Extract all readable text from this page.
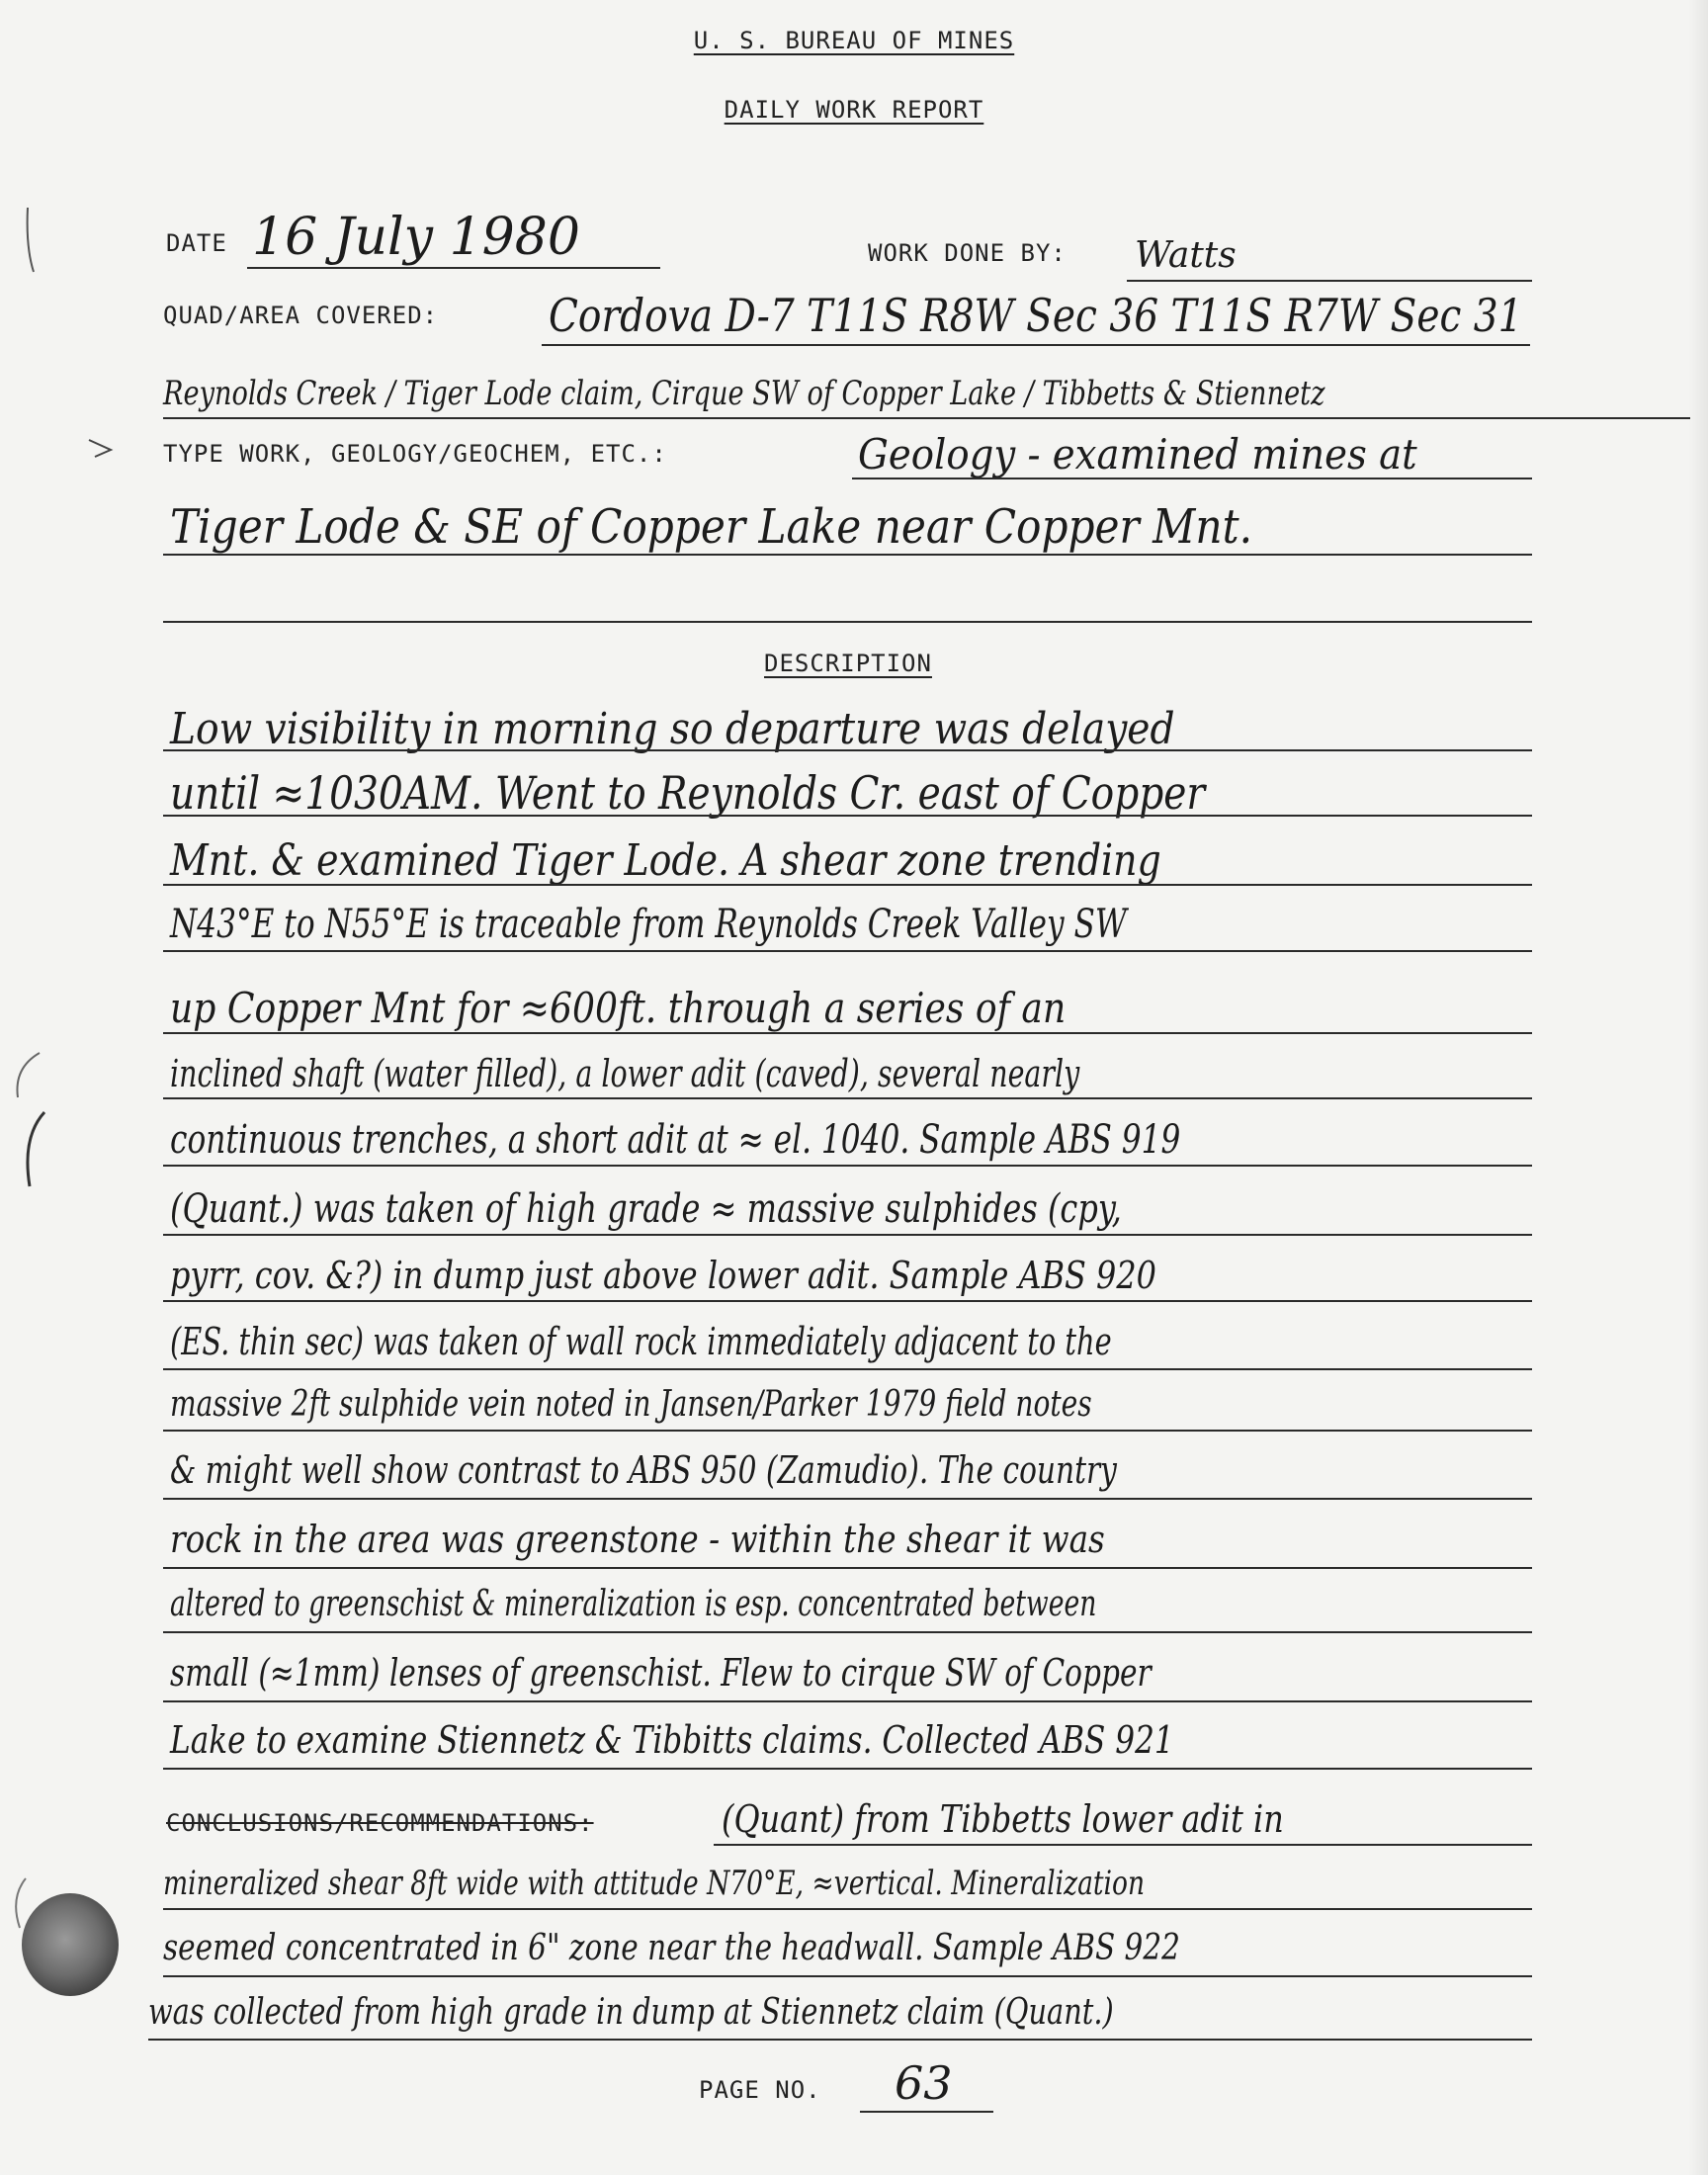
U. S. BUREAU OF MINES
DAILY WORK REPORT
DATE 16 July 1980	WORK DONE BY: Watts
QUAD/AREA COVERED: Cordova D-7 T11S R8W Sec 36 T11S R7W Sec 31
Reynolds Creek / Tiger Lode claim, Cirque SW of Copper Lake / Tibbetts & Stiennetz
TYPE WORK, GEOLOGY/GEOCHEM, ETC.:	Geology - examined mines at
Tiger Lode & SE of Copper Lake near Copper Mnt.
DESCRIPTION
Low visibility in morning so departure was delayed
until ≈1030AM. Went to Reynolds Cr. east of Copper
Mnt. & examined Tiger Lode. A shear zone trending
N43°E to N55°E is traceable from Reynolds Creek Valley SW
up Copper Mnt for ≈600ft. through a series of an
inclined shaft (water filled), a lower adit (caved), several nearly
continuous trenches, a short adit at ≈ el. 1040. Sample ABS 919
(Quant.) was taken of high grade ≈ massive sulphides (cpy,
pyrr, cov. &?) in dump just above lower adit. Sample ABS 920
(ES. thin sec) was taken of wall rock immediately adjacent to the
massive 2ft sulphide vein noted in Jansen/Parker 1979 field notes
& might well show contrast to ABS 950 (Zamudio). The country
rock in the area was greenstone - within the shear it was
altered to greenschist & mineralization is esp. concentrated between
small (≈1mm) lenses of greenschist. Flew to cirque SW of Copper
Lake to examine Stiennetz & Tibbitts claims. Collected ABS 921
CONCLUSIONS/RECOMMENDATIONS:	(Quant) from Tibbetts lower adit in
mineralized shear 8ft wide with attitude N70°E, ≈vertical. Mineralization
seemed concentrated in 6" zone near the headwall. Sample ABS 922
was collected from high grade in dump at Stiennetz claim (Quant.)
PAGE NO. 63
